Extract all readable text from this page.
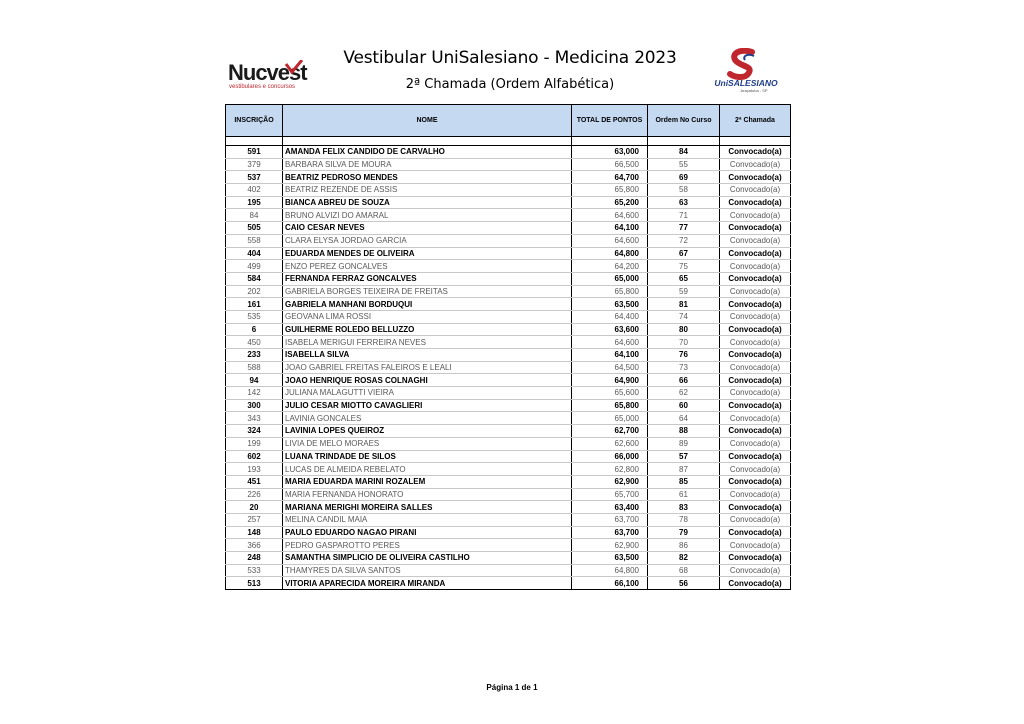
Nucvest
vestibulares e concursos
Vestibular UniSalesiano - Medicina 2023
2ª Chamada (Ordem Alfabética)	UniSALESIANO
Araçatuba - SP
INSCRIÇÃO	NOME	TOTAL DE PONTOS	Ordem No Curso	2ª Chamada

591	AMANDA FELIX CANDIDO DE CARVALHO	63,000	84	Convocado(a)
379	BARBARA SILVA DE MOURA	66,500	55	Convocado(a)
537	BEATRIZ PEDROSO MENDES	64,700	69	Convocado(a)
402	BEATRIZ REZENDE DE ASSIS	65,800	58	Convocado(a)
195	BIANCA ABREU DE SOUZA	65,200	63	Convocado(a)
84	BRUNO ALVIZI DO AMARAL	64,600	71	Convocado(a)
505	CAIO CESAR NEVES	64,100	77	Convocado(a)
558	CLARA ELYSA JORDAO GARCIA	64,600	72	Convocado(a)
404	EDUARDA MENDES DE OLIVEIRA	64,800	67	Convocado(a)
499	ENZO PEREZ GONCALVES	64,200	75	Convocado(a)
584	FERNANDA FERRAZ GONCALVES	65,000	65	Convocado(a)
202	GABRIELA BORGES TEIXEIRA DE FREITAS	65,800	59	Convocado(a)
161	GABRIELA MANHANI BORDUQUI	63,500	81	Convocado(a)
535	GEOVANA LIMA ROSSI	64,400	74	Convocado(a)
6	GUILHERME ROLEDO BELLUZZO	63,600	80	Convocado(a)
450	ISABELA MERIGUI FERREIRA NEVES	64,600	70	Convocado(a)
233	ISABELLA SILVA	64,100	76	Convocado(a)
588	JOAO GABRIEL FREITAS FALEIROS E LEALI	64,500	73	Convocado(a)
94	JOAO HENRIQUE ROSAS COLNAGHI	64,900	66	Convocado(a)
142	JULIANA MALAGUTTI VIEIRA	65,600	62	Convocado(a)
300	JULIO CESAR MIOTTO CAVAGLIERI	65,800	60	Convocado(a)
343	LAVINIA GONCALES	65,000	64	Convocado(a)
324	LAVINIA LOPES QUEIROZ	62,700	88	Convocado(a)
199	LIVIA DE MELO MORAES	62,600	89	Convocado(a)
602	LUANA TRINDADE DE SILOS	66,000	57	Convocado(a)
193	LUCAS DE ALMEIDA REBELATO	62,800	87	Convocado(a)
451	MARIA EDUARDA MARINI ROZALEM	62,900	85	Convocado(a)
226	MARIA FERNANDA HONORATO	65,700	61	Convocado(a)
20	MARIANA MERIGHI MOREIRA SALLES	63,400	83	Convocado(a)
257	MELINA CANDIL MAIA	63,700	78	Convocado(a)
148	PAULO EDUARDO NAGAO PIRANI	63,700	79	Convocado(a)
366	PEDRO GASPAROTTO PERES	62,900	86	Convocado(a)
248	SAMANTHA SIMPLICIO DE OLIVEIRA CASTILHO	63,500	82	Convocado(a)
533	THAMYRES DA SILVA SANTOS	64,800	68	Convocado(a)
513	VITORIA APARECIDA MOREIRA MIRANDA	66,100	56	Convocado(a)
Página 1 de 1
